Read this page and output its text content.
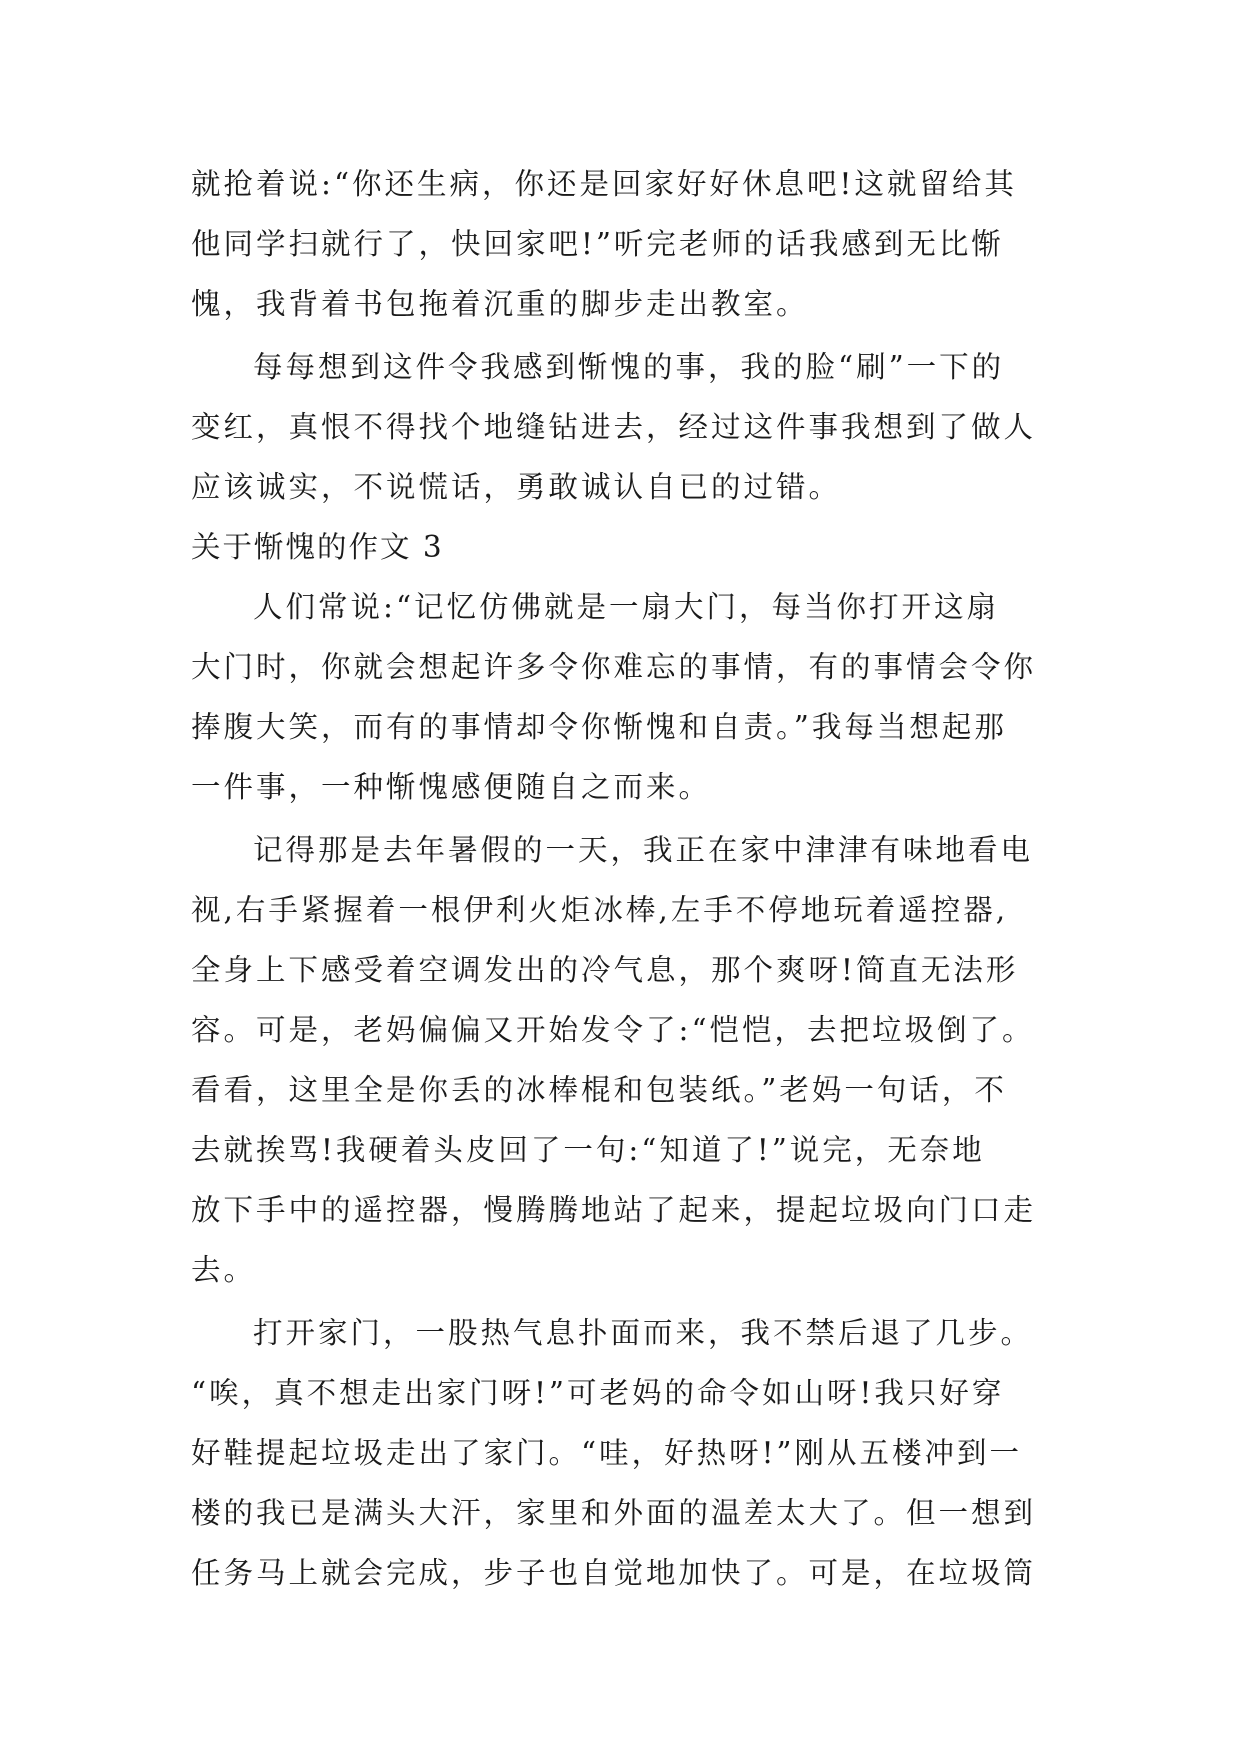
就抢着说:“你还生病，你还是回家好好休息吧!这就留给其
他同学扫就行了，快回家吧!”听完老师的话我感到无比惭
愧，我背着书包拖着沉重的脚步走出教室。
每每想到这件令我感到惭愧的事，我的脸“刷”一下的
变红，真恨不得找个地缝钻进去，经过这件事我想到了做人
应该诚实，不说慌话，勇敢诚认自已的过错。
关于惭愧的作文 3
人们常说:“记忆仿佛就是一扇大门，每当你打开这扇
大门时，你就会想起许多令你难忘的事情，有的事情会令你
捧腹大笑，而有的事情却令你惭愧和自责。”我每当想起那
一件事，一种惭愧感便随自之而来。
记得那是去年暑假的一天，我正在家中津津有味地看电
视,右手紧握着一根伊利火炬冰棒,左手不停地玩着遥控器,
全身上下感受着空调发出的冷气息，那个爽呀!简直无法形
容。可是，老妈偏偏又开始发令了:“恺恺，去把垃圾倒了。
看看，这里全是你丢的冰棒棍和包装纸。”老妈一句话，不
去就挨骂!我硬着头皮回了一句:“知道了!”说完，无奈地
放下手中的遥控器，慢腾腾地站了起来，提起垃圾向门口走
去。
打开家门，一股热气息扑面而来，我不禁后退了几步。
“唉，真不想走出家门呀!”可老妈的命令如山呀!我只好穿
好鞋提起垃圾走出了家门。“哇，好热呀!”刚从五楼冲到一
楼的我已是满头大汗，家里和外面的温差太大了。但一想到
任务马上就会完成，步子也自觉地加快了。可是，在垃圾筒
